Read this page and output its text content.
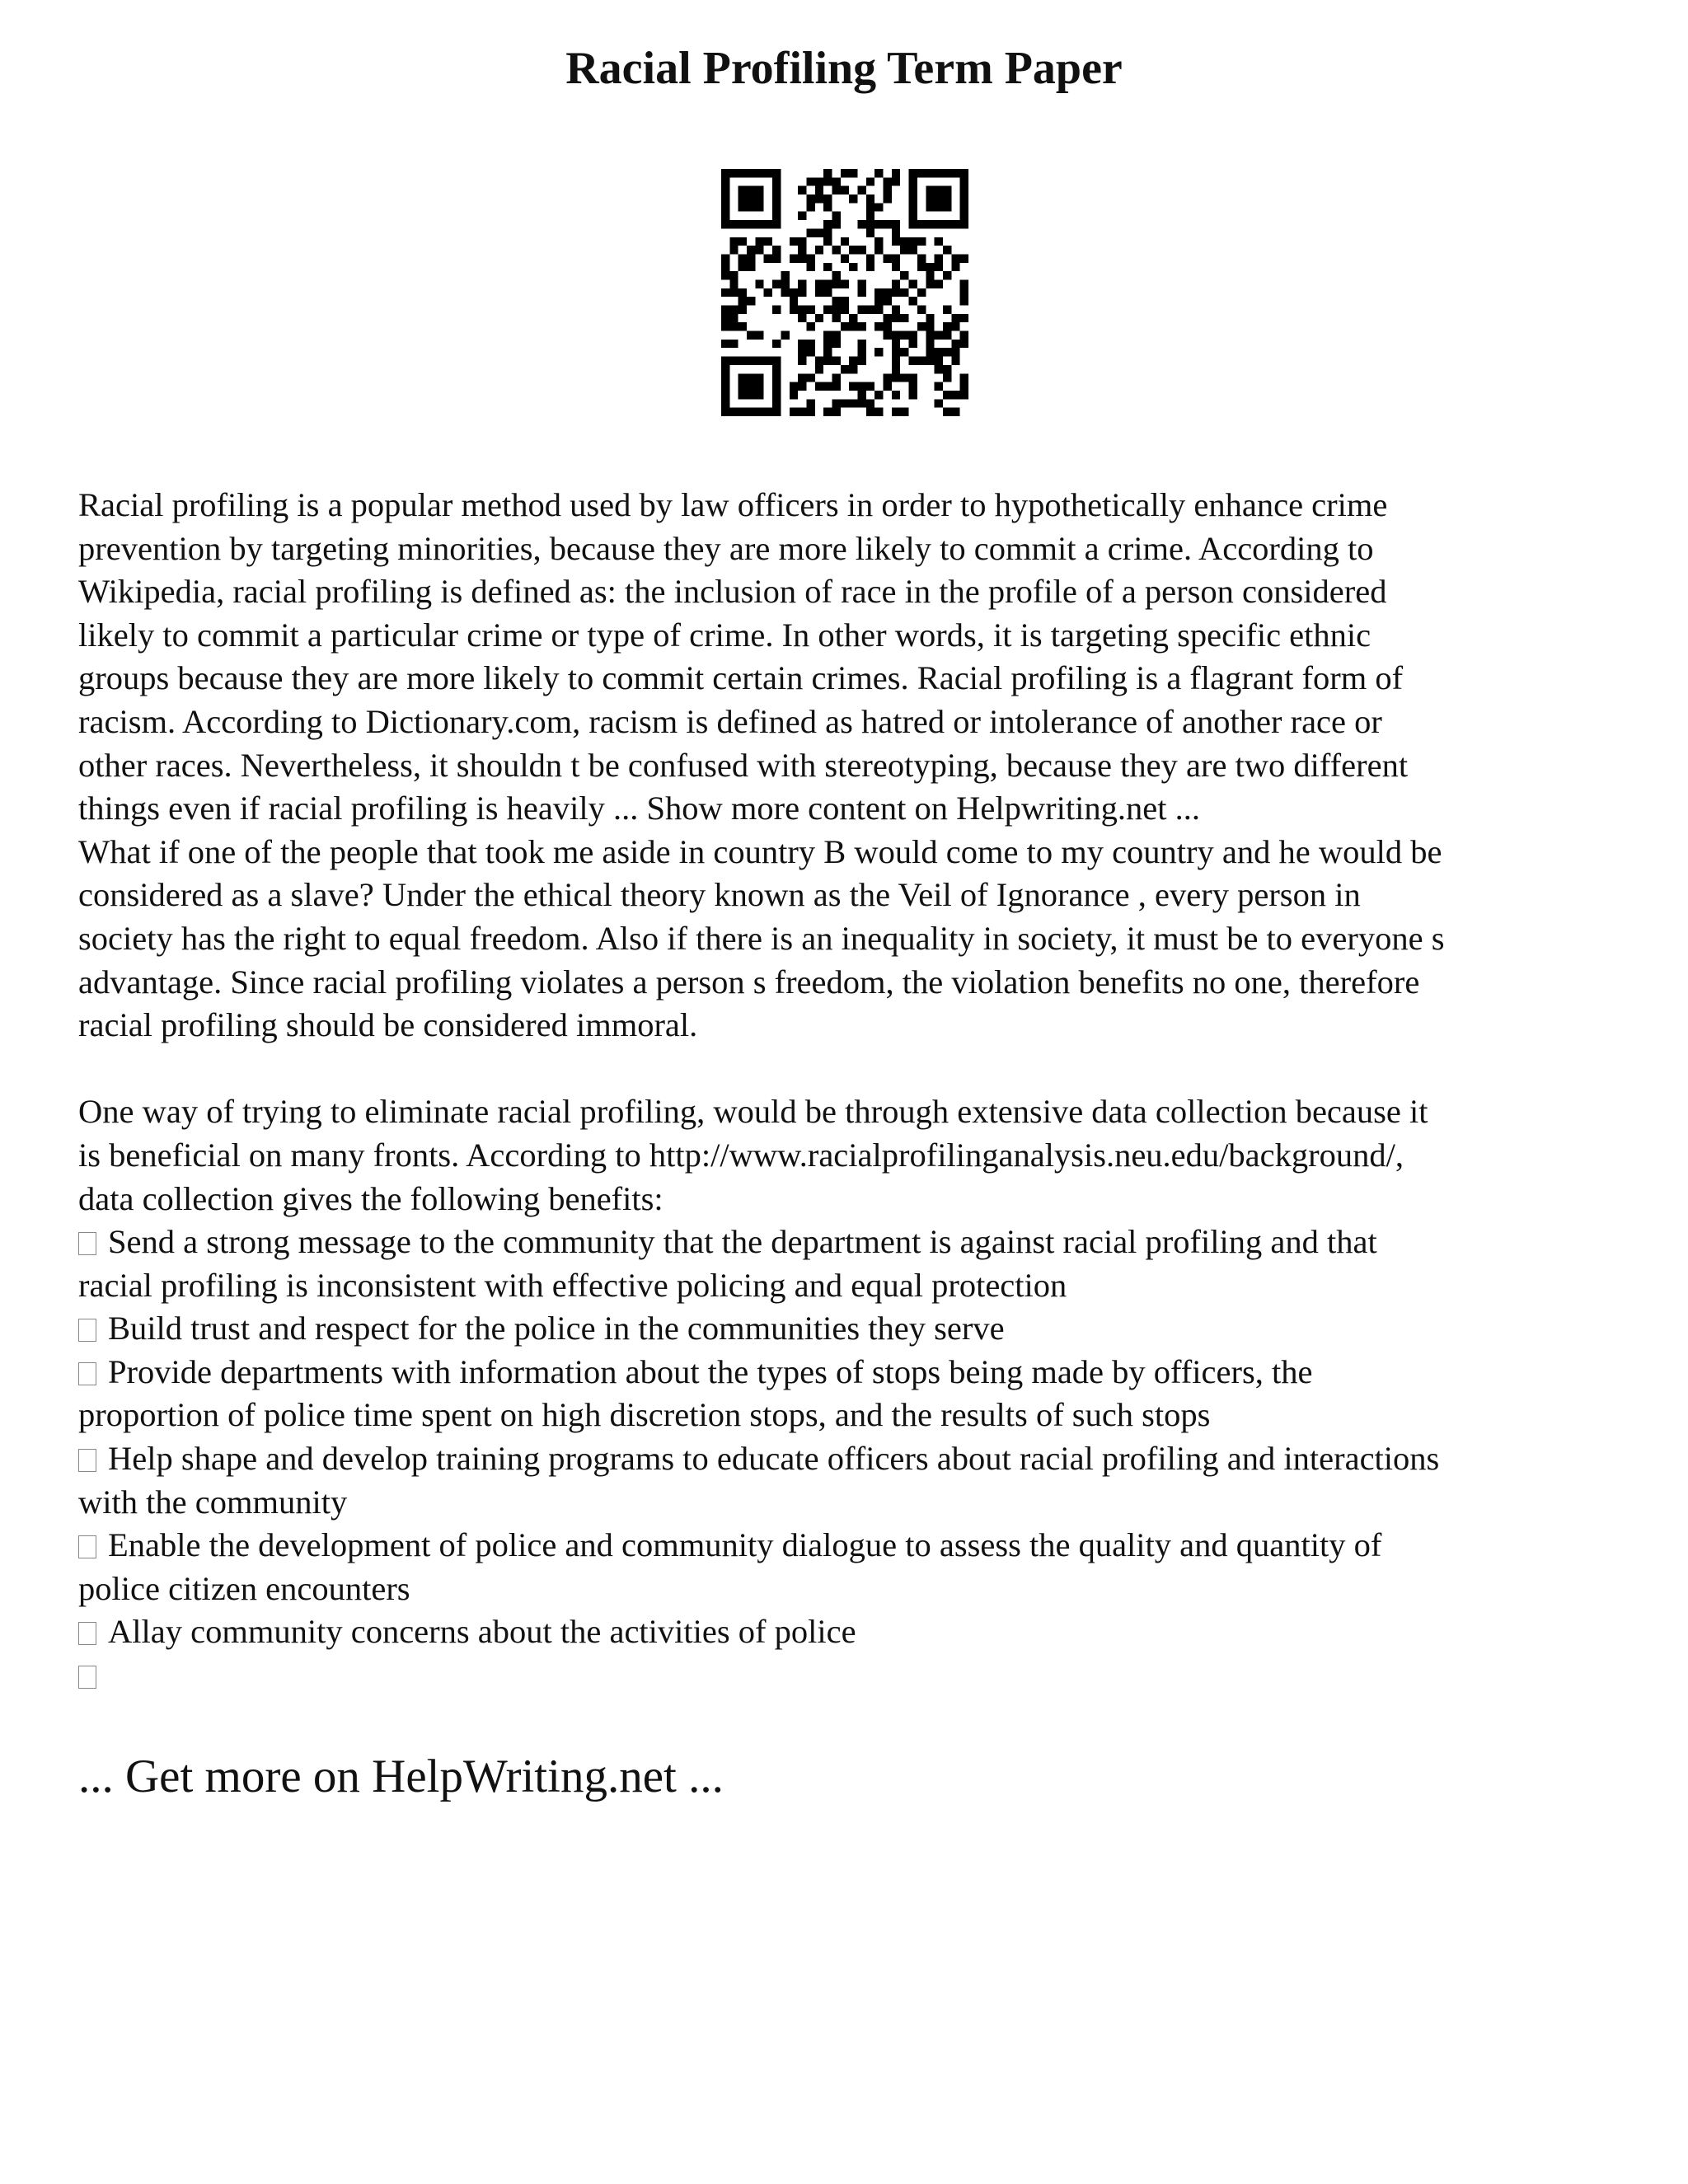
Racial Profiling Term Paper

Racial profiling is a popular method used by law officers in order to hypothetically enhance crime

prevention by targeting minorities, because they are more likely to commit a crime. According to

Wikipedia, racial profiling is defined as: the inclusion of race in the profile of a person considered

likely to commit a particular crime or type of crime. In other words, it is targeting specific ethnic

groups because they are more likely to commit certain crimes. Racial profiling is a flagrant form of

racism. According to Dictionary.com, racism is defined as hatred or intolerance of another race or

other races. Nevertheless, it shouldn t be confused with stereotyping, because they are two different

things even if racial profiling is heavily ... Show more content on Helpwriting.net ...

What if one of the people that took me aside in country B would come to my country and he would be

considered as a slave? Under the ethical theory known as the Veil of Ignorance , every person in

society has the right to equal freedom. Also if there is an inequality in society, it must be to everyone s

advantage. Since racial profiling violates a person s freedom, the violation benefits no one, therefore

racial profiling should be considered immoral.

One way of trying to eliminate racial profiling, would be through extensive data collection because it

is beneficial on many fronts. According to http://www.racialprofilinganalysis.neu.edu/background/,

data collection gives the following benefits:

Send a strong message to the community that the department is against racial profiling and that

racial profiling is inconsistent with effective policing and equal protection

Build trust and respect for the police in the communities they serve

Provide departments with information about the types of stops being made by officers, the

proportion of police time spent on high discretion stops, and the results of such stops

Help shape and develop training programs to educate officers about racial profiling and interactions

with the community

Enable the development of police and community dialogue to assess the quality and quantity of

police citizen encounters

Allay community concerns about the activities of police

... Get more on HelpWriting.net ...
